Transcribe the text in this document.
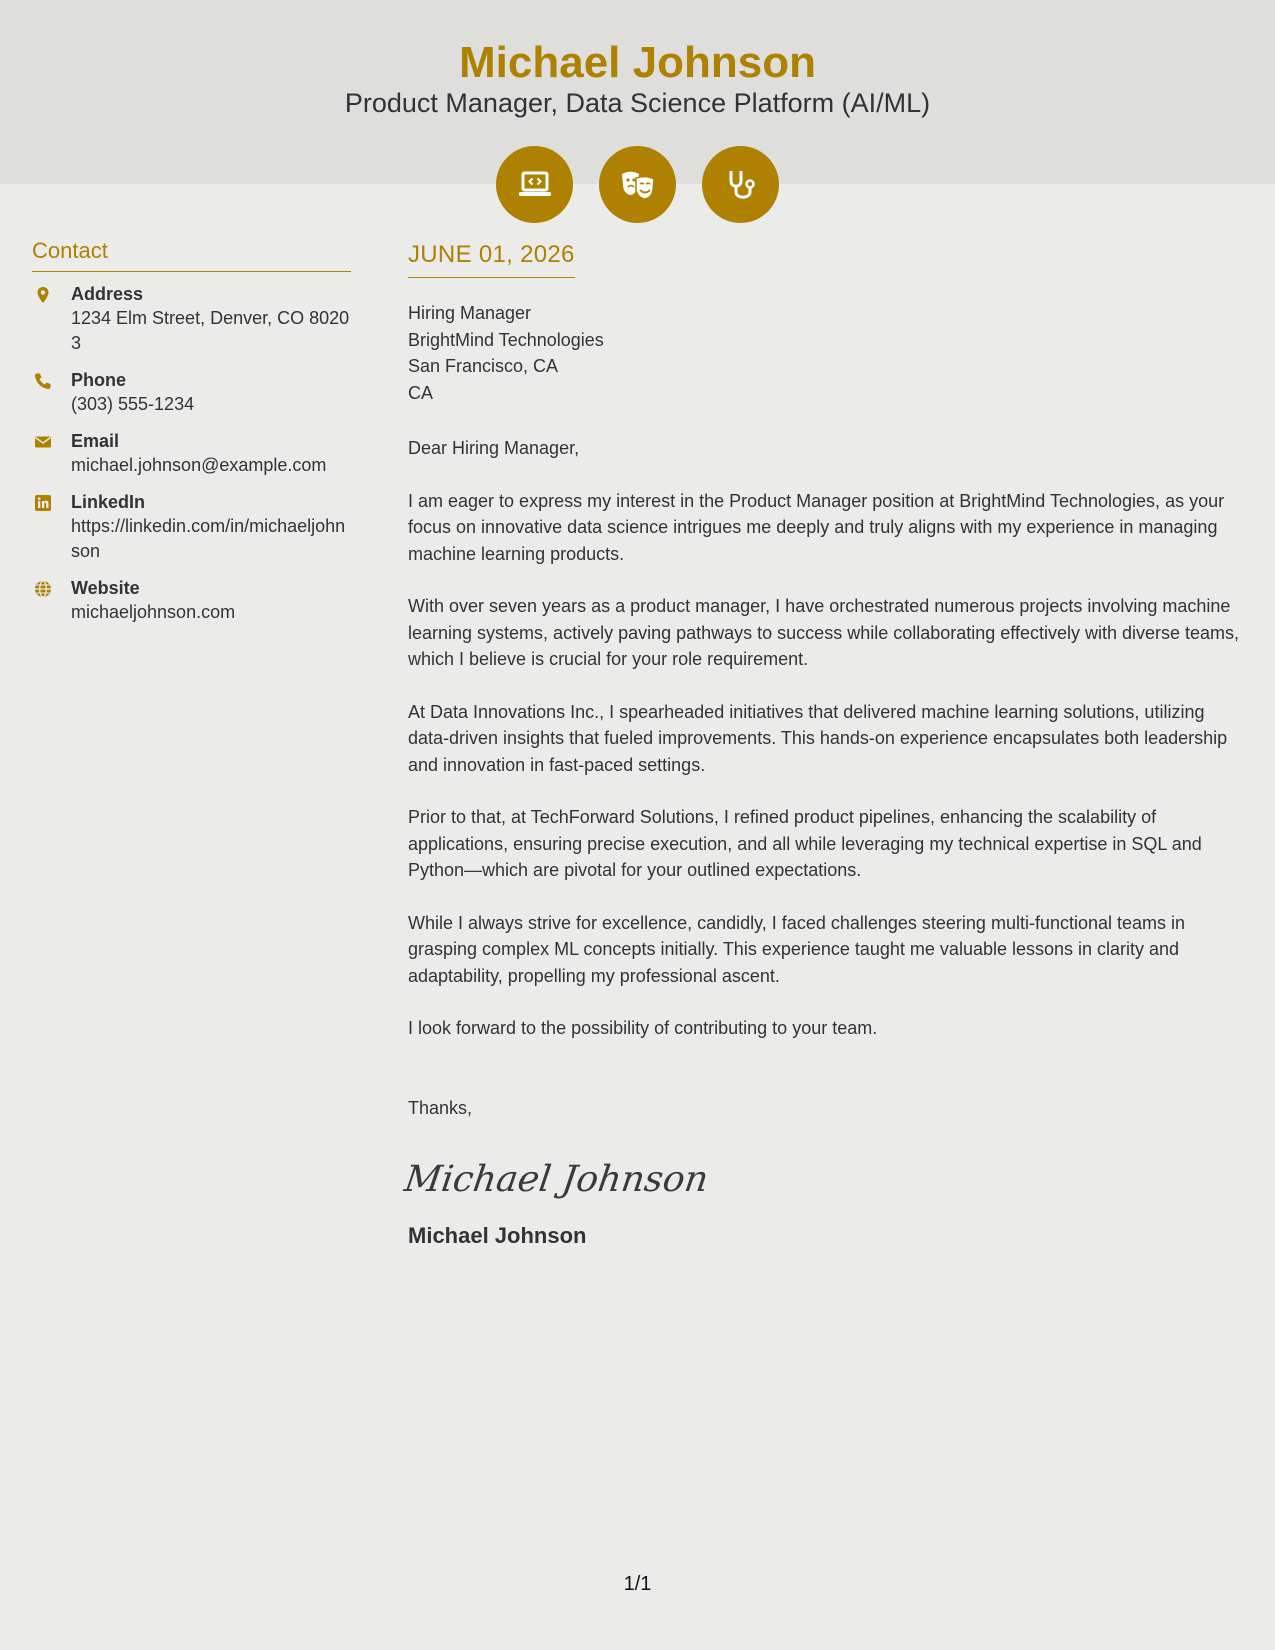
Michael Johnson
Product Manager, Data Science Platform (AI/ML)
Contact
Address
1234 Elm Street, Denver, CO 80203
Phone
(303) 555-1234
Email
michael.johnson@example.com
LinkedIn
https://linkedin.com/in/michaeljohnson
Website
michaeljohnson.com
JUNE 01, 2026
Hiring Manager
BrightMind Technologies
San Francisco, CA
CA

Dear Hiring Manager,

I am eager to express my interest in the Product Manager position at BrightMind Technologies, as your focus on innovative data science intrigues me deeply and truly aligns with my experience in managing machine learning products.

With over seven years as a product manager, I have orchestrated numerous projects involving machine learning systems, actively paving pathways to success while collaborating effectively with diverse teams, which I believe is crucial for your role requirement.

At Data Innovations Inc., I spearheaded initiatives that delivered machine learning solutions, utilizing data-driven insights that fueled improvements. This hands-on experience encapsulates both leadership and innovation in fast-paced settings.

Prior to that, at TechForward Solutions, I refined product pipelines, enhancing the scalability of applications, ensuring precise execution, and all while leveraging my technical expertise in SQL and Python—which are pivotal for your outlined expectations.

While I always strive for excellence, candidly, I faced challenges steering multi-functional teams in grasping complex ML concepts initially. This experience taught me valuable lessons in clarity and adaptability, propelling my professional ascent.

I look forward to the possibility of contributing to your team.

Thanks,
Michael Johnson
Michael Johnson
1/1
